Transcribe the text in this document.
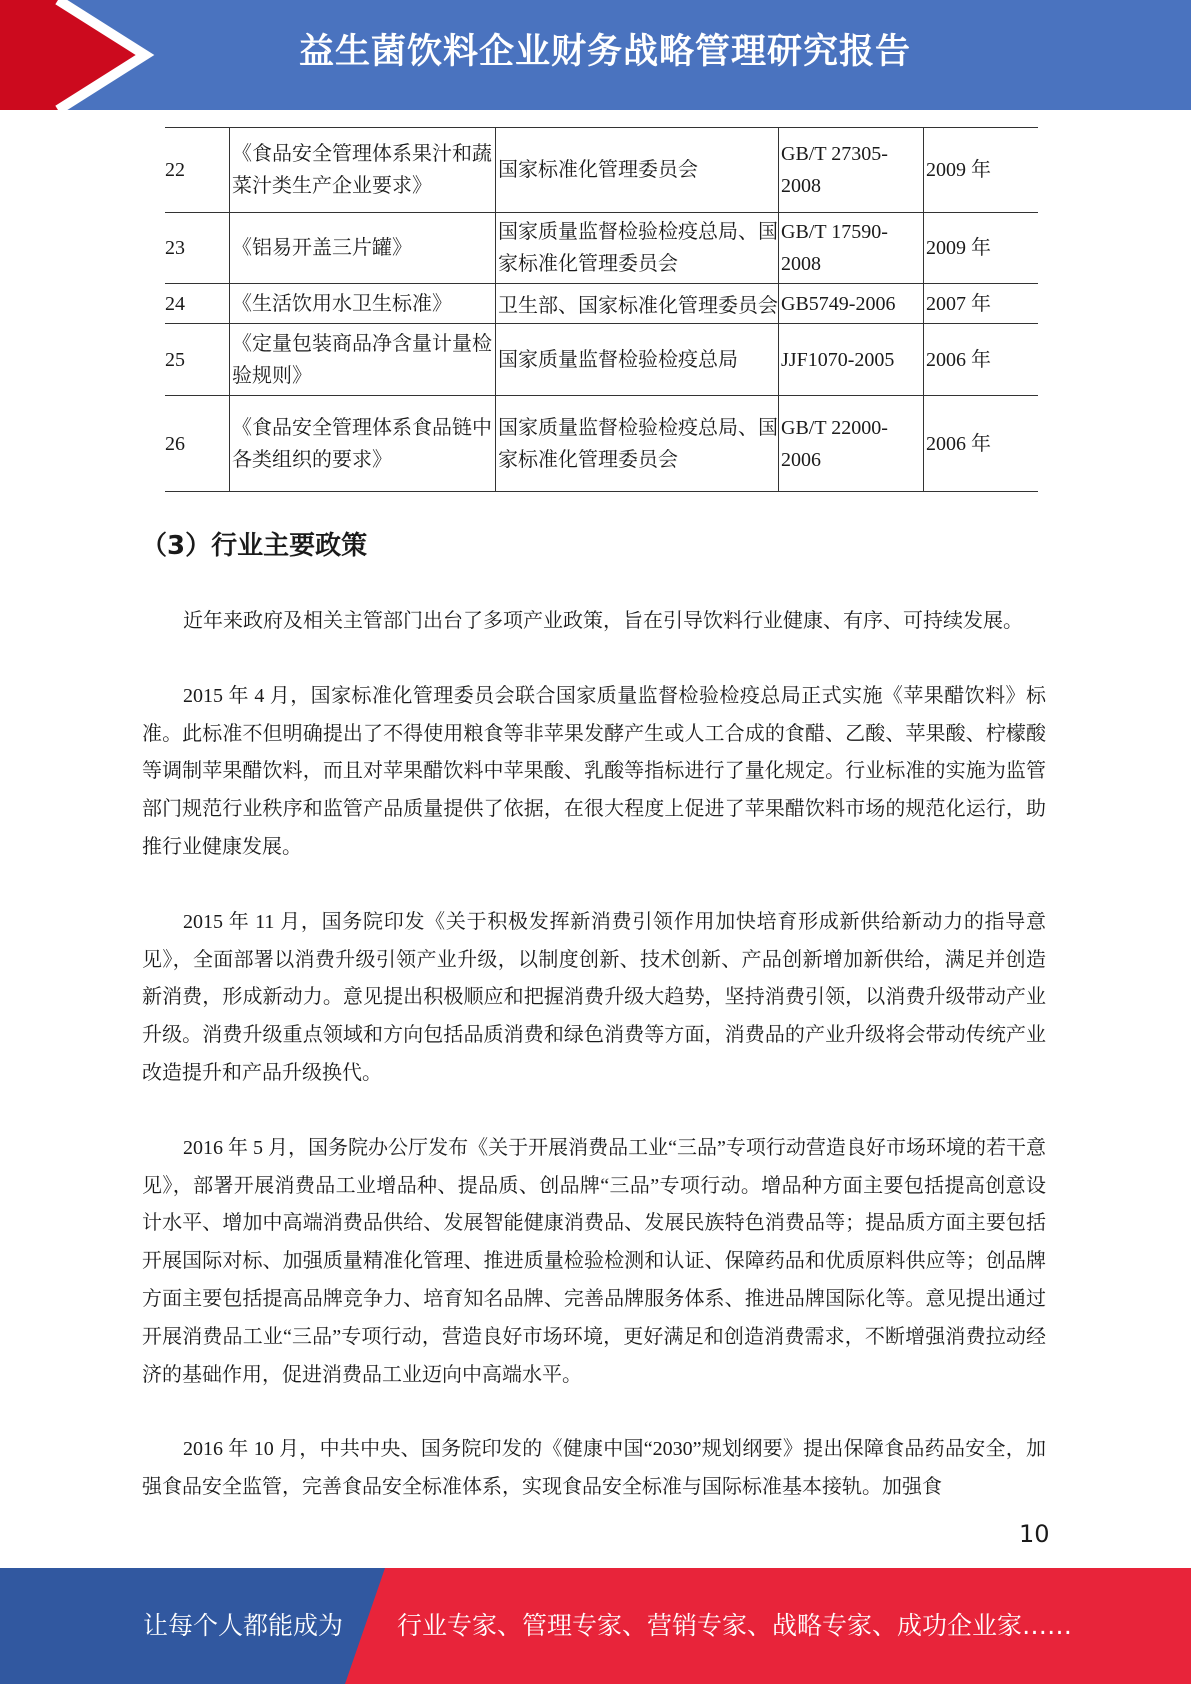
益生菌饮料企业财务战略管理研究报告
22	《食品安全管理体系果汁和蔬菜汁类生产企业要求》	国家标准化管理委员会	GB/T 27305-2008	2009 年
23	《铝易开盖三片罐》	国家质量监督检验检疫总局、国家标准化管理委员会	GB/T 17590-2008	2009 年
24	《生活饮用水卫生标准》	卫生部、国家标准化管理委员会	GB5749-2006	2007 年
25	《定量包装商品净含量计量检验规则》	国家质量监督检验检疫总局	JJF1070-2005	2006 年
26	《食品安全管理体系食品链中各类组织的要求》	国家质量监督检验检疫总局、国家标准化管理委员会	GB/T 22000-2006	2006 年
（3）行业主要政策

近年来政府及相关主管部门出台了多项产业政策，旨在引导饮料行业健康、有序、可持续发展。

2015 年 4 月，国家标准化管理委员会联合国家质量监督检验检疫总局正式实施《苹果醋饮料》标准。此标准不但明确提出了不得使用粮食等非苹果发酵产生或人工合成的食醋、乙酸、苹果酸、柠檬酸等调制苹果醋饮料，而且对苹果醋饮料中苹果酸、乳酸等指标进行了量化规定。行业标准的实施为监管部门规范行业秩序和监管产品质量提供了依据，在很大程度上促进了苹果醋饮料市场的规范化运行，助推行业健康发展。

2015 年 11 月，国务院印发《关于积极发挥新消费引领作用加快培育形成新供给新动力的指导意见》，全面部署以消费升级引领产业升级，以制度创新、技术创新、产品创新增加新供给，满足并创造新消费，形成新动力。意见提出积极顺应和把握消费升级大趋势，坚持消费引领，以消费升级带动产业升级。消费升级重点领域和方向包括品质消费和绿色消费等方面，消费品的产业升级将会带动传统产业改造提升和产品升级换代。

2016 年 5 月，国务院办公厅发布《关于开展消费品工业“三品”专项行动营造良好市场环境的若干意见》，部署开展消费品工业增品种、提品质、创品牌“三品”专项行动。增品种方面主要包括提高创意设计水平、增加中高端消费品供给、发展智能健康消费品、发展民族特色消费品等；提品质方面主要包括开展国际对标、加强质量精准化管理、推进质量检验检测和认证、保障药品和优质原料供应等；创品牌方面主要包括提高品牌竞争力、培育知名品牌、完善品牌服务体系、推进品牌国际化等。意见提出通过开展消费品工业“三品”专项行动，营造良好市场环境，更好满足和创造消费需求，不断增强消费拉动经济的基础作用，促进消费品工业迈向中高端水平。

2016 年 10 月，中共中央、国务院印发的《健康中国“2030”规划纲要》提出保障食品药品安全，加强食品安全监管，完善食品安全标准体系，实现食品安全标准与国际标准基本接轨。加强食

10
让每个人都能成为 行业专家、管理专家、营销专家、战略专家、成功企业家……
